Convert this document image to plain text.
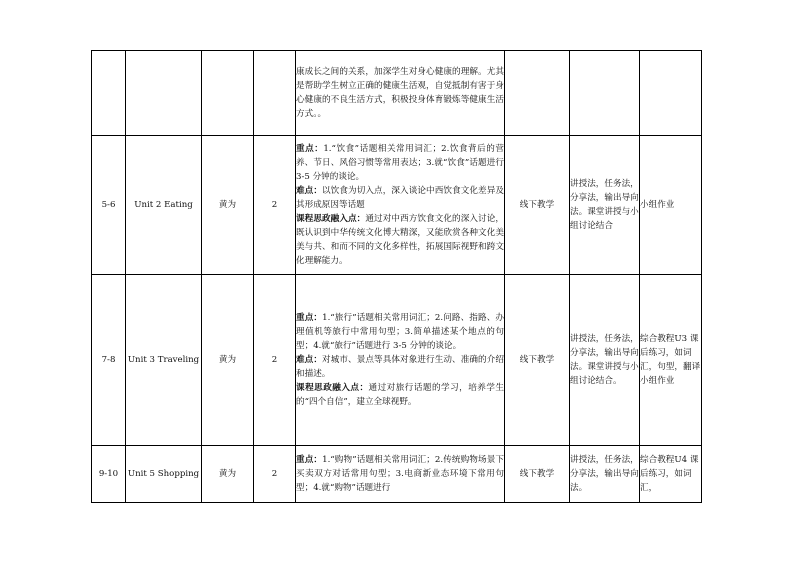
				康成长之间的关系，加深学生对身心健康的理解。尤其是帮助学生树立正确的健康生活观，自觉抵制有害于身心健康的不良生活方式，积极投身体育锻炼等健康生活方式。。			

5-6	Unit 2 Eating	黄为	2	重点：1.“饮食”话题相关常用词汇；2.饮食背后的营养、节日、风俗习惯等常用表达；3.就“饮食”话题进行 3-5 分钟的谈论。
难点：以饮食为切入点，深入谈论中西饮食文化差异及其形成原因等话题
课程思政融入点：通过对中西方饮食文化的深入讨论，既认识到中华传统文化博大精深，又能欣赏各种文化美美与共、和而不同的文化多样性，拓展国际视野和跨文化理解能力。	线下教学	讲授法，任务法，分享法，输出导向法。课堂讲授与小组讨论结合	小组作业
7-8	Unit 3 Traveling	黄为	2	重点：1.“旅行”话题相关常用词汇；2.问路、指路、办理值机等旅行中常用句型；3.简单描述某个地点的句型；4.就“旅行”话题进行 3-5 分钟的谈论。
难点：对城市、景点等具体对象进行生动、准确的介绍和描述。
课程思政融入点：通过对旅行话题的学习，培养学生的“四个自信”，建立全球视野。	线下教学	讲授法，任务法，分享法，输出导向法。课堂讲授与小组讨论结合。	综合教程U3 课后练习，如词汇，句型，翻译小组作业
9-10	Unit 5 Shopping	黄为	2	重点：1.“购物”话题相关常用词汇；2.传统购物场景下买卖双方对话常用句型；3.电商新业态环境下常用句型；4.就“购物”话题进行	线下教学	讲授法，任务法，分享法，输出导向法。	综合教程U4 课后练习，如词汇，
